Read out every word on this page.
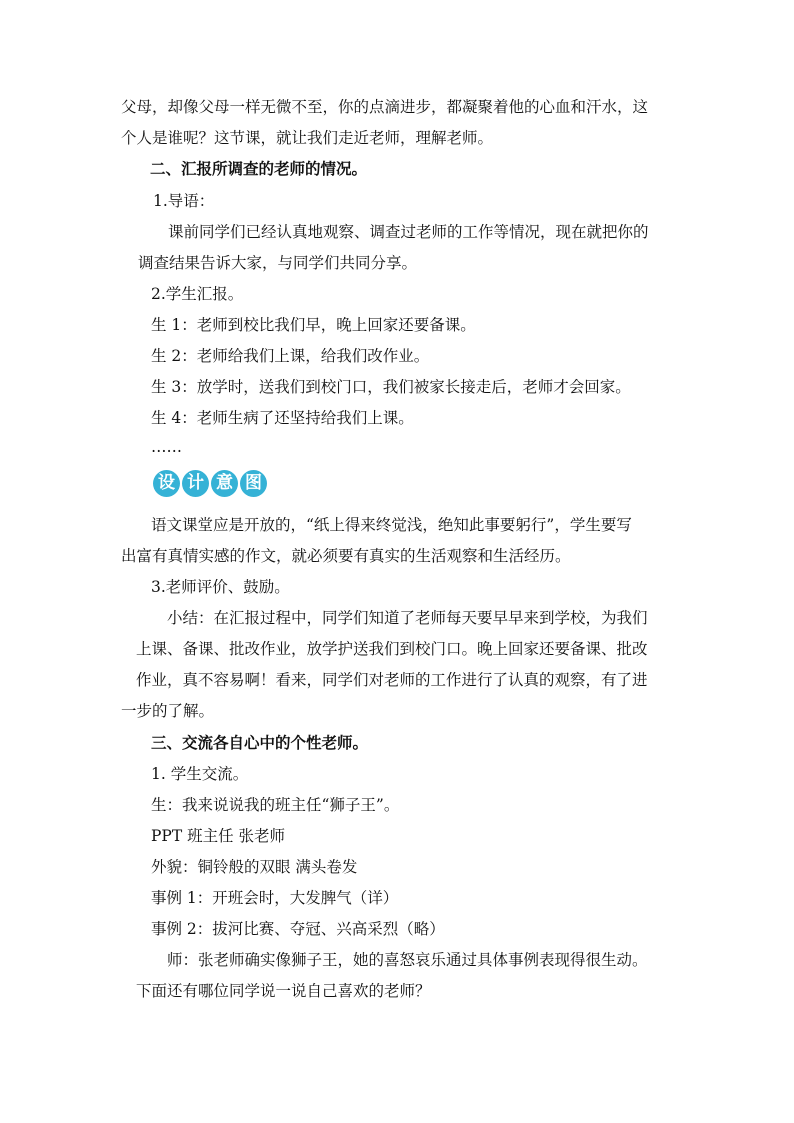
父母，却像父母一样无微不至，你的点滴进步，都凝聚着他的心血和汗水，这
个人是谁呢？这节课，就让我们走近老师，理解老师。
二、汇报所调查的老师的情况。
1.导语：
课前同学们已经认真地观察、调查过老师的工作等情况，现在就把你的
调查结果告诉大家，与同学们共同分享。
2.学生汇报。
生 1：老师到校比我们早，晚上回家还要备课。
生 2：老师给我们上课，给我们改作业。
生 3：放学时，送我们到校门口，我们被家长接走后，老师才会回家。
生 4：老师生病了还坚持给我们上课。
……
设 计 意 图
语文课堂应是开放的，“纸上得来终觉浅，绝知此事要躬行”，学生要写
出富有真情实感的作文，就必须要有真实的生活观察和生活经历。
3.老师评价、鼓励。
小结：在汇报过程中，同学们知道了老师每天要早早来到学校，为我们
上课、备课、批改作业，放学护送我们到校门口。晚上回家还要备课、批改
作业，真不容易啊！看来，同学们对老师的工作进行了认真的观察，有了进
一步的了解。
三、交流各自心中的个性老师。
1. 学生交流。
生：我来说说我的班主任“狮子王”。
PPT 班主任 张老师
外貌：铜铃般的双眼 满头卷发
事例 1：开班会时，大发脾气（详）
事例 2：拔河比赛、夺冠、兴高采烈（略）
师：张老师确实像狮子王，她的喜怒哀乐通过具体事例表现得很生动。
下面还有哪位同学说一说自己喜欢的老师？
